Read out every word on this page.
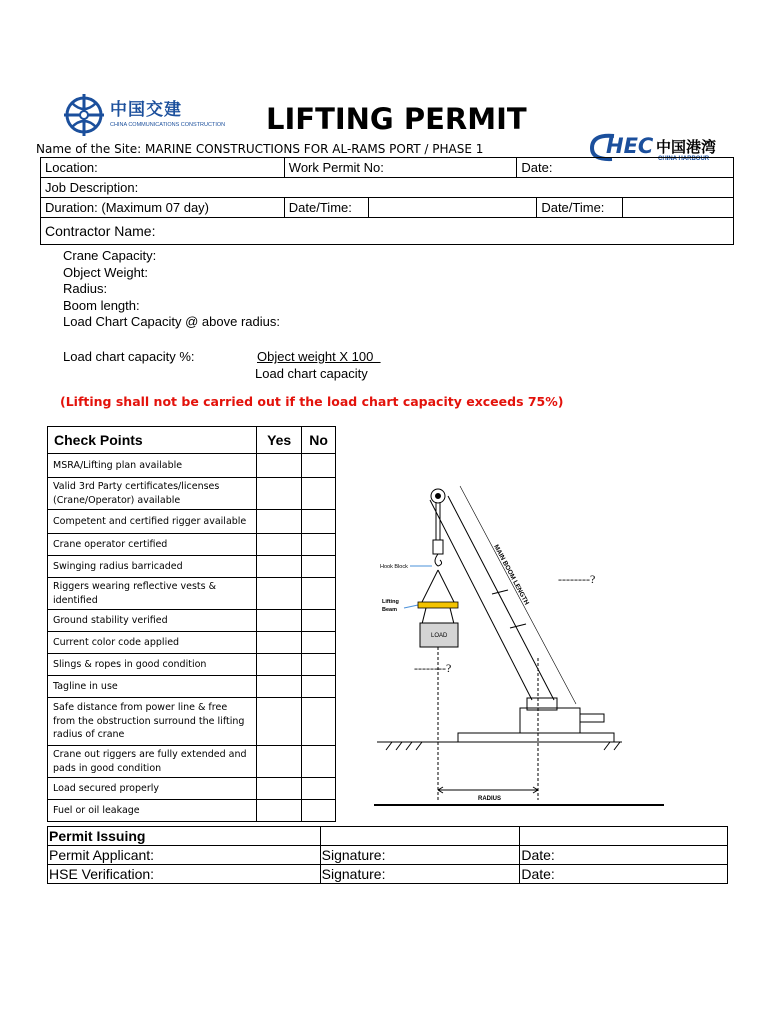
中国交建
CHINA COMMUNICATIONS CONSTRUCTION LIFTING PERMIT
Name of the Site: MARINE CONSTRUCTIONS FOR AL-RAMS PORT / PHASE 1	HEC 中国港湾
CHINA HARBOUR
Location:	Work Permit No:		Date:		
Job Description:					
Duration: (Maximum 07 day)	Date/Time:			Date/Time:	
Contractor Name:					
Crane Capacity:
Object Weight:
Radius:
Boom length:
Load Chart Capacity @ above radius:
Load chart capacity %:	Object weight X 100
Load chart capacity
(Lifting shall not be carried out if the load chart capacity exceeds 75%)
Check Points	Yes	No
MSRA/Lifting plan available		
Valid 3rd Party certificates/licenses (Crane/Operator) available		
Competent and certified rigger available		
Crane operator certified		
Swinging radius barricaded		
Riggers wearing reflective vests & identified		
Ground stability verified		
Current color code applied		
Slings & ropes in good condition		
Tagline in use		
Safe distance from power line & free from the obstruction surround the lifting radius of crane		
Crane out riggers are fully extended and pads in good condition		
Load secured properly		
Fuel or oil leakage		
Hook Block
Lifting
Beam
LOAD
RADIUS
MAIN BOOM LENGTH --------?
--------?
Permit Issuing		
Permit Applicant:	Signature:	Date:
HSE Verification:	Signature:	Date:
